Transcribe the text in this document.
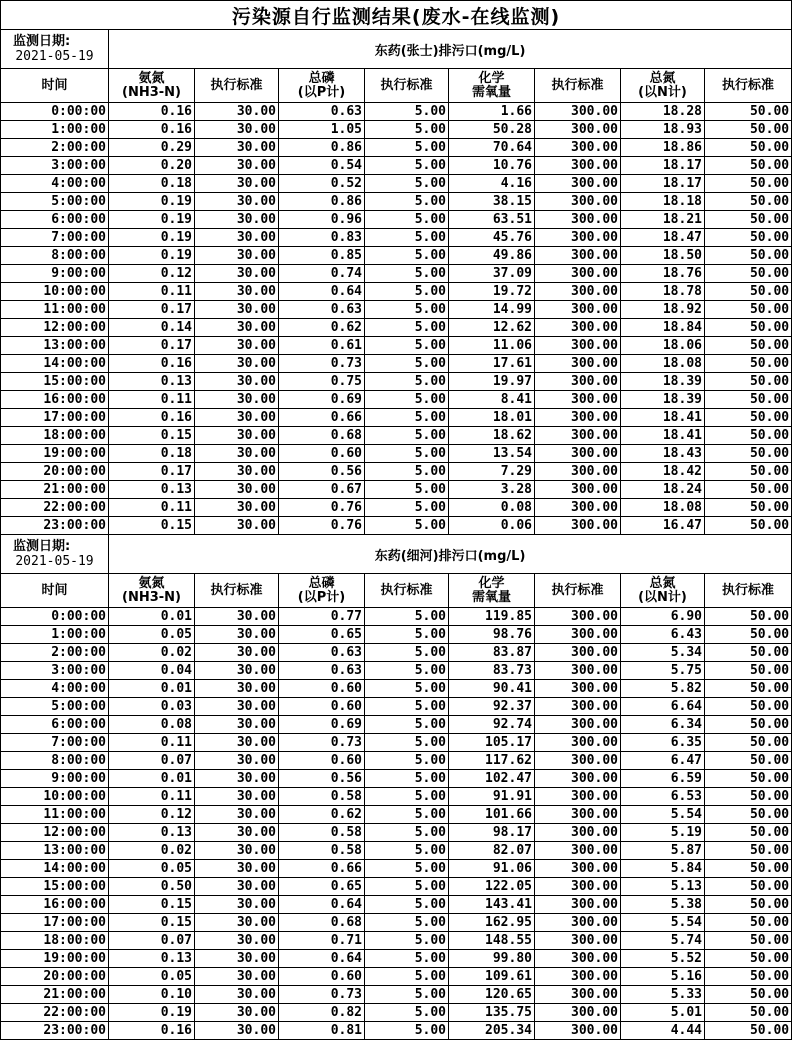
污染源自行监测结果(废水-在线监测)								

监测日期:
2021-05-19	东药(张士)排污口(mg/L)							

时间	氨氮
(NH3-N)	执行标准	总磷
(以P计)	执行标准	化学
需氧量	执行标准	总氮
(以N计)	执行标准

0:00:00	0.16	30.00	0.63	5.00	1.66	300.00	18.28	50.00
1:00:00	0.16	30.00	1.05	5.00	50.28	300.00	18.93	50.00
2:00:00	0.29	30.00	0.86	5.00	70.64	300.00	18.86	50.00
3:00:00	0.20	30.00	0.54	5.00	10.76	300.00	18.17	50.00
4:00:00	0.18	30.00	0.52	5.00	4.16	300.00	18.17	50.00
5:00:00	0.19	30.00	0.86	5.00	38.15	300.00	18.18	50.00
6:00:00	0.19	30.00	0.96	5.00	63.51	300.00	18.21	50.00
7:00:00	0.19	30.00	0.83	5.00	45.76	300.00	18.47	50.00
8:00:00	0.19	30.00	0.85	5.00	49.86	300.00	18.50	50.00
9:00:00	0.12	30.00	0.74	5.00	37.09	300.00	18.76	50.00
10:00:00	0.11	30.00	0.64	5.00	19.72	300.00	18.78	50.00
11:00:00	0.17	30.00	0.63	5.00	14.99	300.00	18.92	50.00
12:00:00	0.14	30.00	0.62	5.00	12.62	300.00	18.84	50.00
13:00:00	0.17	30.00	0.61	5.00	11.06	300.00	18.06	50.00
14:00:00	0.16	30.00	0.73	5.00	17.61	300.00	18.08	50.00
15:00:00	0.13	30.00	0.75	5.00	19.97	300.00	18.39	50.00
16:00:00	0.11	30.00	0.69	5.00	8.41	300.00	18.39	50.00
17:00:00	0.16	30.00	0.66	5.00	18.01	300.00	18.41	50.00
18:00:00	0.15	30.00	0.68	5.00	18.62	300.00	18.41	50.00
19:00:00	0.18	30.00	0.60	5.00	13.54	300.00	18.43	50.00
20:00:00	0.17	30.00	0.56	5.00	7.29	300.00	18.42	50.00
21:00:00	0.13	30.00	0.67	5.00	3.28	300.00	18.24	50.00
22:00:00	0.11	30.00	0.76	5.00	0.08	300.00	18.08	50.00
23:00:00	0.15	30.00	0.76	5.00	0.06	300.00	16.47	50.00

监测日期:
2021-05-19	东药(细河)排污口(mg/L)							

时间	氨氮
(NH3-N)	执行标准	总磷
(以P计)	执行标准	化学
需氧量	执行标准	总氮
(以N计)	执行标准

0:00:00	0.01	30.00	0.77	5.00	119.85	300.00	6.90	50.00
1:00:00	0.05	30.00	0.65	5.00	98.76	300.00	6.43	50.00
2:00:00	0.02	30.00	0.63	5.00	83.87	300.00	5.34	50.00
3:00:00	0.04	30.00	0.63	5.00	83.73	300.00	5.75	50.00
4:00:00	0.01	30.00	0.60	5.00	90.41	300.00	5.82	50.00
5:00:00	0.03	30.00	0.60	5.00	92.37	300.00	6.64	50.00
6:00:00	0.08	30.00	0.69	5.00	92.74	300.00	6.34	50.00
7:00:00	0.11	30.00	0.73	5.00	105.17	300.00	6.35	50.00
8:00:00	0.07	30.00	0.60	5.00	117.62	300.00	6.47	50.00
9:00:00	0.01	30.00	0.56	5.00	102.47	300.00	6.59	50.00
10:00:00	0.11	30.00	0.58	5.00	91.91	300.00	6.53	50.00
11:00:00	0.12	30.00	0.62	5.00	101.66	300.00	5.54	50.00
12:00:00	0.13	30.00	0.58	5.00	98.17	300.00	5.19	50.00
13:00:00	0.02	30.00	0.58	5.00	82.07	300.00	5.87	50.00
14:00:00	0.05	30.00	0.66	5.00	91.06	300.00	5.84	50.00
15:00:00	0.50	30.00	0.65	5.00	122.05	300.00	5.13	50.00
16:00:00	0.15	30.00	0.64	5.00	143.41	300.00	5.38	50.00
17:00:00	0.15	30.00	0.68	5.00	162.95	300.00	5.54	50.00
18:00:00	0.07	30.00	0.71	5.00	148.55	300.00	5.74	50.00
19:00:00	0.13	30.00	0.64	5.00	99.80	300.00	5.52	50.00
20:00:00	0.05	30.00	0.60	5.00	109.61	300.00	5.16	50.00
21:00:00	0.10	30.00	0.73	5.00	120.65	300.00	5.33	50.00
22:00:00	0.19	30.00	0.82	5.00	135.75	300.00	5.01	50.00
23:00:00	0.16	30.00	0.81	5.00	205.34	300.00	4.44	50.00
